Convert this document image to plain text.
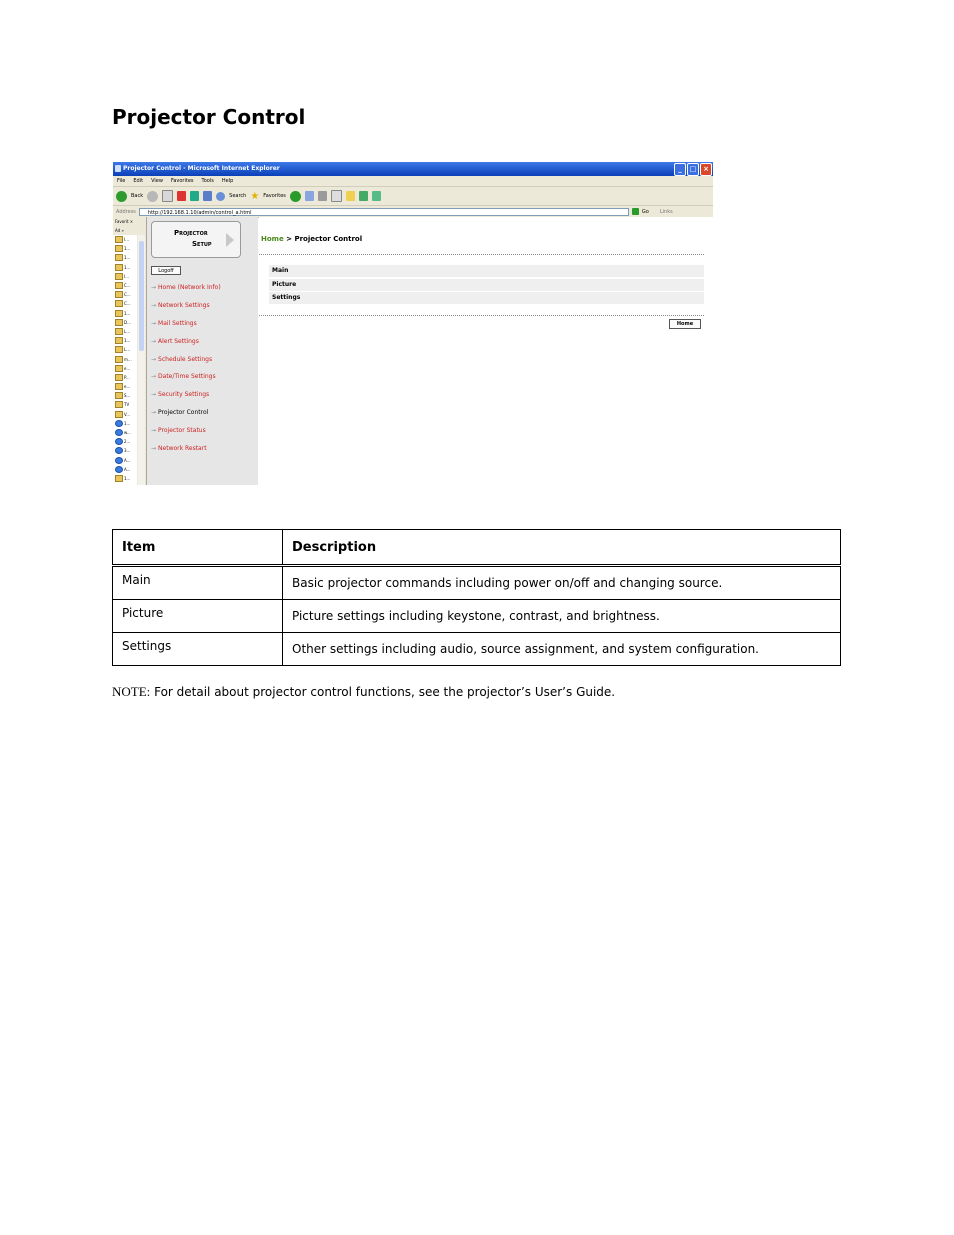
Projector Control
Projector Control - Microsoft Internet Explorer	_	□ ×
File Edit View Favorites Tools Help
Back	Search ★ Favorites
Address	http://192.168.1.10/admin/control_a.html	Go Links
Favorit ×
Ad »
I...
1...
1...
1...
I...
C...
C...
C...
1...
D...
L...
1...
L...
m...
e...
P...
e...
S...
TV
V...
1...
w...
2...
3...
A...
A...
1...
Projector
Setup
Logoff
→ Home (Network Info)
→ Network Settings
→ Mail Settings
→ Alert Settings
→ Schedule Settings
→ Date/Time Settings
→ Security Settings
→ Projector Control
→ Projector Status
→ Network Restart
Home > Projector Control
Main
Picture
Settings
Home
Item	Description
Main	Basic projector commands including power on/off and changing source.
Picture	Picture settings including keystone, contrast, and brightness.
Settings	Other settings including audio, source assignment, and system configuration.

NOTE: For detail about projector control functions, see the projector’s User’s Guide.
